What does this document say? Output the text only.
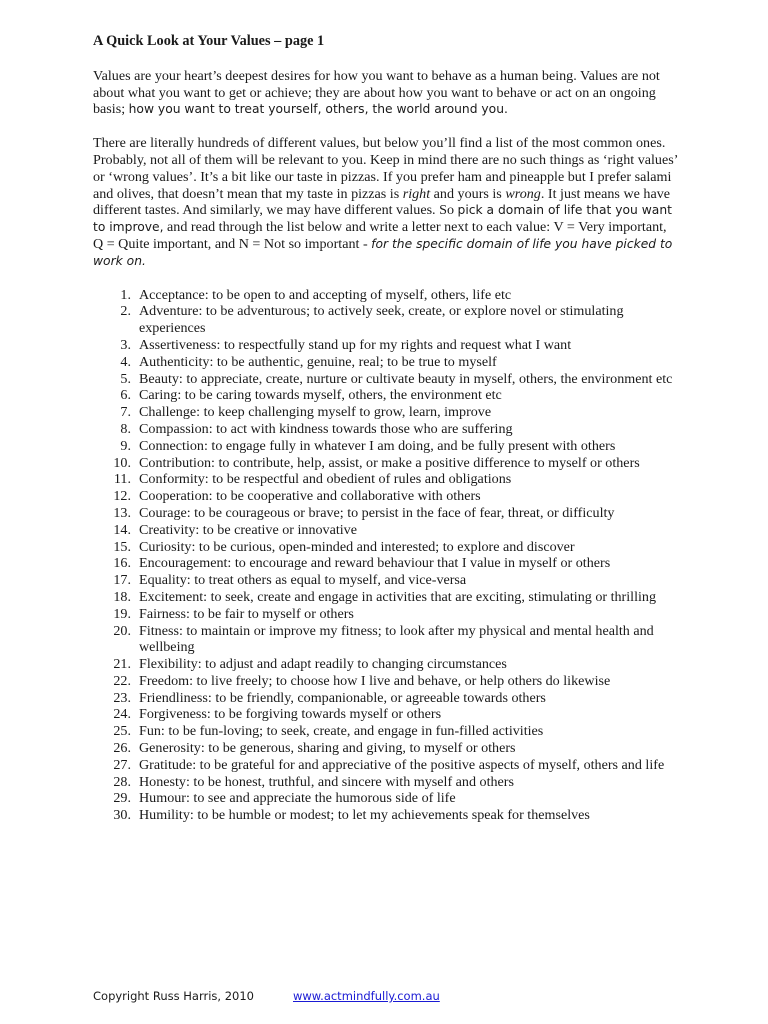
A Quick Look at Your Values – page 1

Values are your heart’s deepest desires for how you want to behave as a human being. Values are not about what you want to get or achieve; they are about how you want to behave or act on an ongoing basis; how you want to treat yourself, others, the world around you.

There are literally hundreds of different values, but below you’ll find a list of the most common ones. Probably, not all of them will be relevant to you. Keep in mind there are no such things as ‘right values’ or ‘wrong values’. It’s a bit like our taste in pizzas. If you prefer ham and pineapple but I prefer salami and olives, that doesn’t mean that my taste in pizzas is right and yours is wrong. It just means we have different tastes. And similarly, we may have different values. So pick a domain of life that you want to improve, and read through the list below and write a letter next to each value: V = Very important, Q = Quite important, and N = Not so important - for the specific domain of life you have picked to work on.

1. Acceptance: to be open to and accepting of myself, others, life etc
2. Adventure: to be adventurous; to actively seek, create, or explore novel or stimulating experiences
3. Assertiveness: to respectfully stand up for my rights and request what I want
4. Authenticity: to be authentic, genuine, real; to be true to myself
5. Beauty: to appreciate, create, nurture or cultivate beauty in myself, others, the environment etc
6. Caring: to be caring towards myself, others, the environment etc
7. Challenge: to keep challenging myself to grow, learn, improve
8. Compassion: to act with kindness towards those who are suffering
9. Connection: to engage fully in whatever I am doing, and be fully present with others
10. Contribution: to contribute, help, assist, or make a positive difference to myself or others
11. Conformity: to be respectful and obedient of rules and obligations
12. Cooperation: to be cooperative and collaborative with others
13. Courage: to be courageous or brave; to persist in the face of fear, threat, or difficulty
14. Creativity: to be creative or innovative
15. Curiosity: to be curious, open-minded and interested; to explore and discover
16. Encouragement: to encourage and reward behaviour that I value in myself or others
17. Equality: to treat others as equal to myself, and vice-versa
18. Excitement: to seek, create and engage in activities that are exciting, stimulating or thrilling
19. Fairness: to be fair to myself or others
20. Fitness: to maintain or improve my fitness; to look after my physical and mental health and wellbeing
21. Flexibility: to adjust and adapt readily to changing circumstances
22. Freedom: to live freely; to choose how I live and behave, or help others do likewise
23. Friendliness: to be friendly, companionable, or agreeable towards others
24. Forgiveness: to be forgiving towards myself or others
25. Fun: to be fun-loving; to seek, create, and engage in fun-filled activities
26. Generosity: to be generous, sharing and giving, to myself or others
27. Gratitude: to be grateful for and appreciative of the positive aspects of myself, others and life
28. Honesty: to be honest, truthful, and sincere with myself and others
29. Humour: to see and appreciate the humorous side of life
30. Humility: to be humble or modest; to let my achievements speak for themselves
Copyright Russ Harris, 2010	www.actmindfully.com.au
